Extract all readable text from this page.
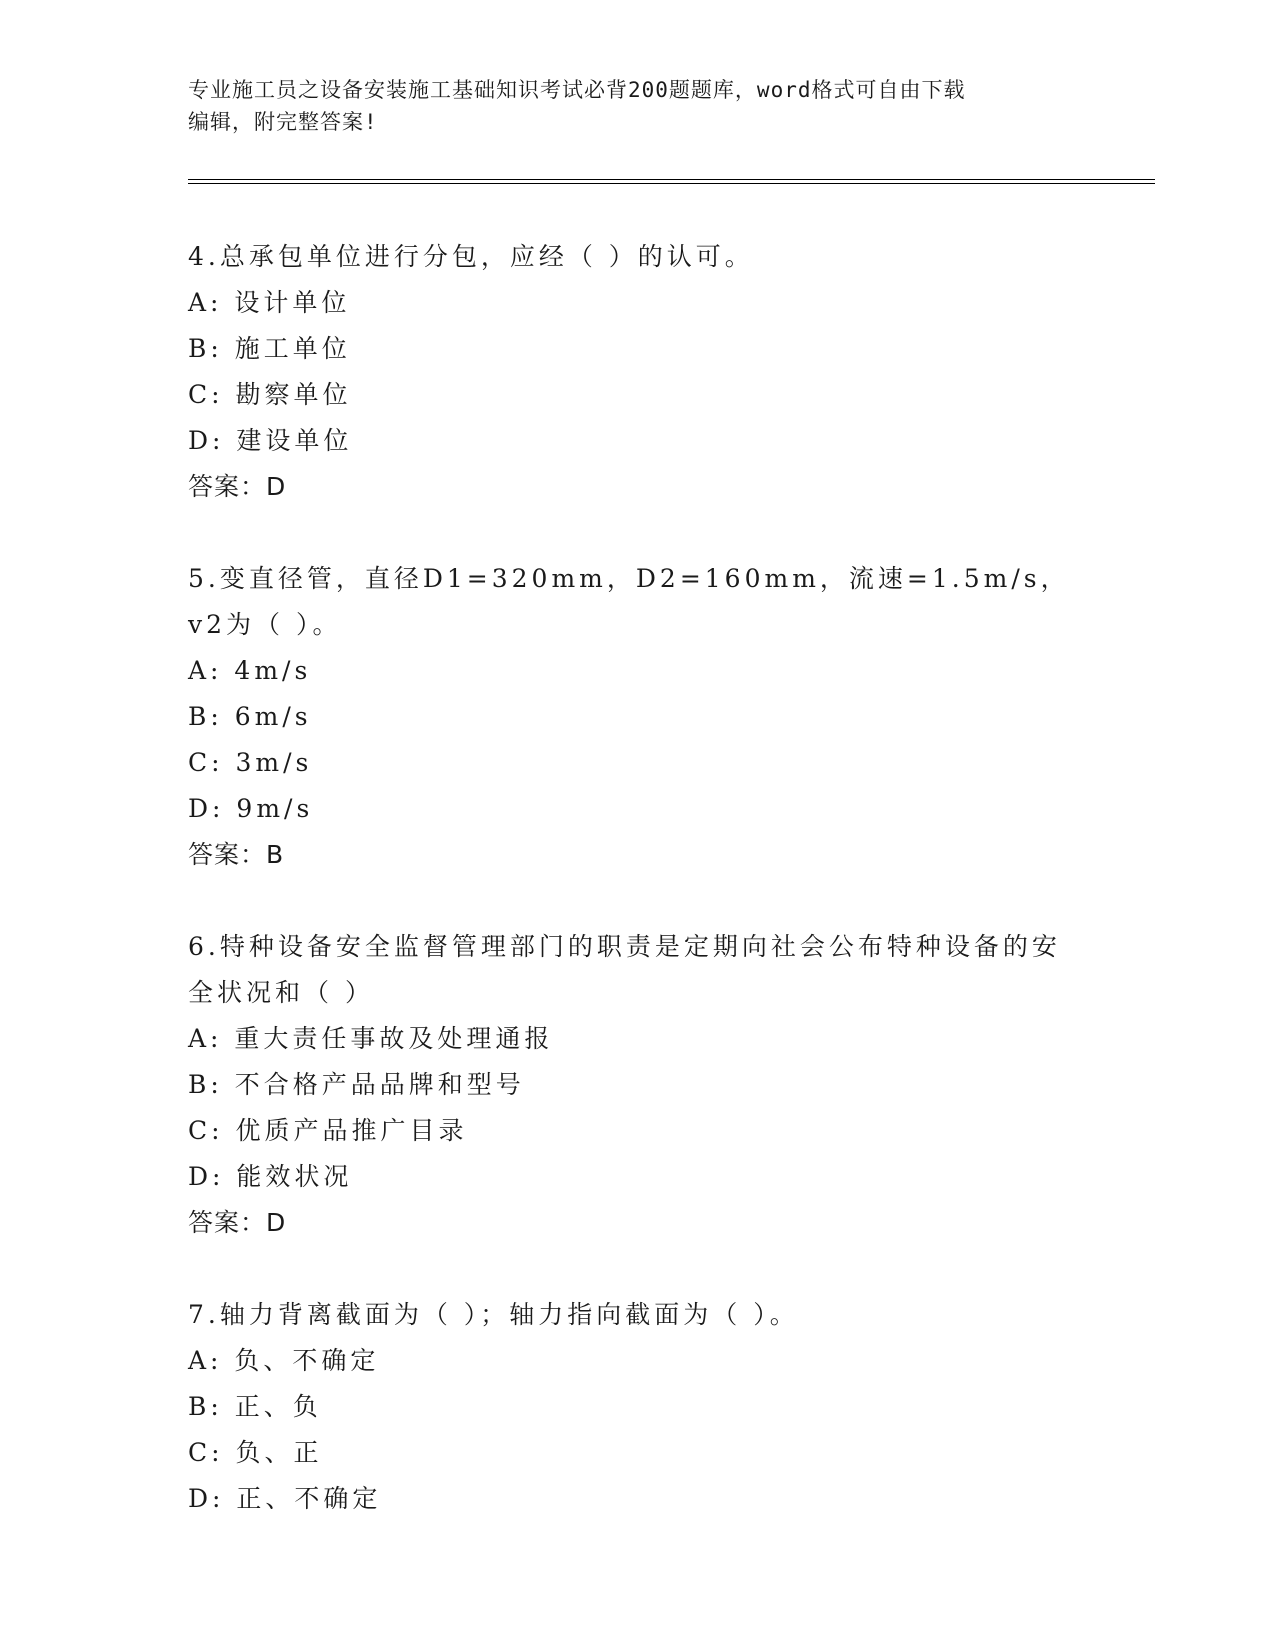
专业施工员之设备安装施工基础知识考试必背200题题库，word格式可自由下载
编辑，附完整答案!
4.总承包单位进行分包，应经（ ）的认可。
A: 设计单位
B: 施工单位
C: 勘察单位
D: 建设单位
答案：D
5.变直径管，直径D1=320mm，D2=160mm，流速=1.5m/s，v2为（ ）。
A: 4m/s
B: 6m/s
C: 3m/s
D: 9m/s
答案：B
6.特种设备安全监督管理部门的职责是定期向社会公布特种设备的安
全状况和（ ）
A: 重大责任事故及处理通报
B: 不合格产品品牌和型号
C: 优质产品推广目录
D: 能效状况
答案：D
7.轴力背离截面为（ ）；轴力指向截面为（ ）。
A: 负、不确定
B: 正、负
C: 负、正
D: 正、不确定
